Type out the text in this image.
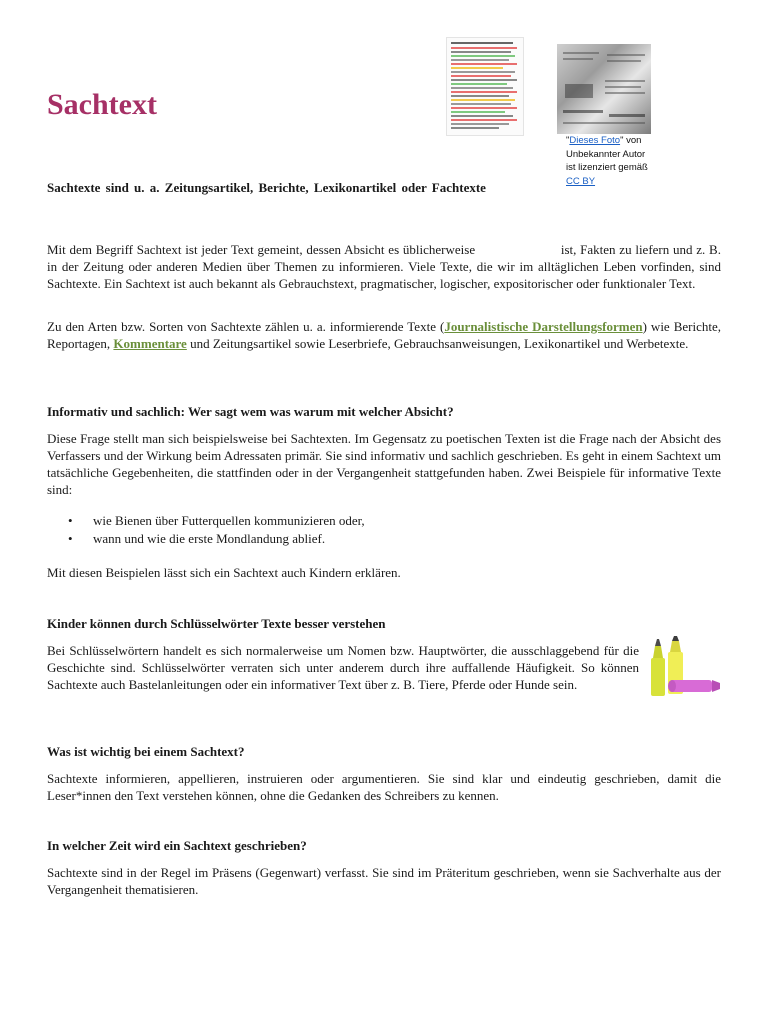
Sachtext
"Dieses Foto" von Unbekannter Autor ist lizenziert gemäß CC BY

Sachtexte sind u. a. Zeitungsartikel, Berichte, Lexikonartikel oder Fachtexte

Mit dem Begriff Sachtext ist jeder Text gemeint, dessen Absicht es üblicherweise	ist, Fakten zu liefern und z. B. in der Zeitung oder anderen Medien über Themen zu informieren. Viele Texte, die wir im alltäglichen Leben vorfinden, sind Sachtexte. Ein Sachtext ist auch bekannt als Gebrauchstext, pragmatischer, logischer, expositorischer oder funktionaler Text.

Zu den Arten bzw. Sorten von Sachtexte zählen u. a. informierende Texte (Journalistische Darstellungsformen) wie Berichte, Reportagen, Kommentare und Zeitungsartikel sowie Leserbriefe, Gebrauchsanweisungen, Lexikonartikel und Werbetexte.

Informativ und sachlich: Wer sagt wem was warum mit welcher Absicht?

Diese Frage stellt man sich beispielsweise bei Sachtexten. Im Gegensatz zu poetischen Texten ist die Frage nach der Absicht des Verfassers und der Wirkung beim Adressaten primär. Sie sind informativ und sachlich geschrieben. Es geht in einem Sachtext um tatsächliche Gegebenheiten, die stattfinden oder in der Vergangenheit stattgefunden haben. Zwei Beispiele für informative Texte sind:

• wie Bienen über Futterquellen kommunizieren oder,
• wann und wie die erste Mondlandung ablief.

Mit diesen Beispielen lässt sich ein Sachtext auch Kindern erklären.

Kinder können durch Schlüsselwörter Texte besser verstehen

Bei Schlüsselwörtern handelt es sich normalerweise um Nomen bzw. Hauptwörter, die ausschlaggebend für die Geschichte sind. Schlüsselwörter verraten sich unter anderem durch ihre auffallende Häufigkeit. So können Sachtexte auch Bastelanleitungen oder ein informativer Text über z. B. Tiere, Pferde oder Hunde sein.

Was ist wichtig bei einem Sachtext?

Sachtexte informieren, appellieren, instruieren oder argumentieren. Sie sind klar und eindeutig geschrieben, damit die Leser*innen den Text verstehen können, ohne die Gedanken des Schreibers zu kennen.

In welcher Zeit wird ein Sachtext geschrieben?

Sachtexte sind in der Regel im Präsens (Gegenwart) verfasst. Sie sind im Präteritum geschrieben, wenn sie Sachverhalte aus der Vergangenheit thematisieren.
